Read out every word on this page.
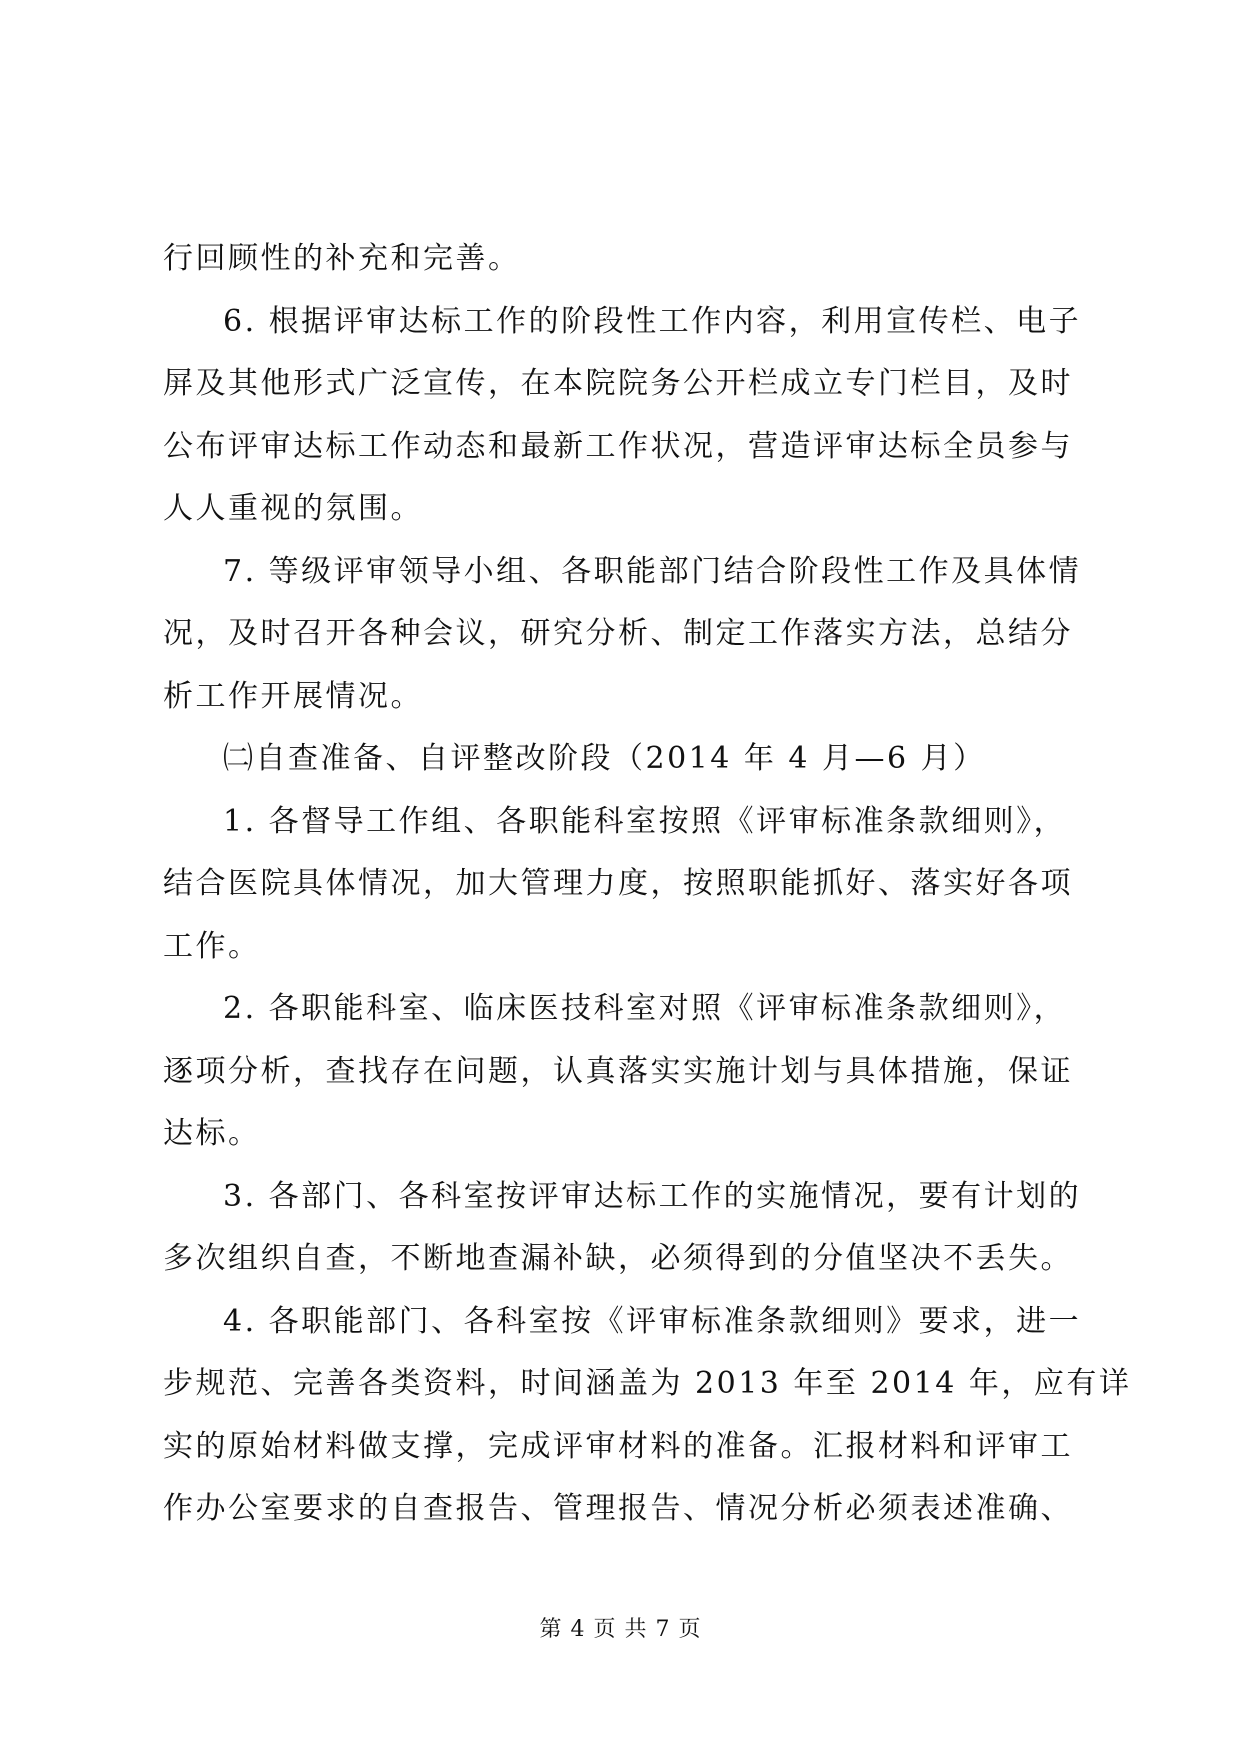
行回顾性的补充和完善。

6. 根据评审达标工作的阶段性工作内容，利用宣传栏、电子
屏及其他形式广泛宣传，在本院院务公开栏成立专门栏目，及时
公布评审达标工作动态和最新工作状况，营造评审达标全员参与
人人重视的氛围。

7. 等级评审领导小组、各职能部门结合阶段性工作及具体情
况，及时召开各种会议，研究分析、制定工作落实方法，总结分
析工作开展情况。

㈡自查准备、自评整改阶段（2014 年 4 月—6 月）

1. 各督导工作组、各职能科室按照《评审标准条款细则》，
结合医院具体情况，加大管理力度，按照职能抓好、落实好各项
工作。

2. 各职能科室、临床医技科室对照《评审标准条款细则》，
逐项分析，查找存在问题，认真落实实施计划与具体措施，保证
达标。

3. 各部门、各科室按评审达标工作的实施情况，要有计划的
多次组织自查，不断地查漏补缺，必须得到的分值坚决不丢失。

4. 各职能部门、各科室按《评审标准条款细则》要求，进一
步规范、完善各类资料，时间涵盖为 2013 年至 2014 年，应有详
实的原始材料做支撑，完成评审材料的准备。汇报材料和评审工
作办公室要求的自查报告、管理报告、情况分析必须表述准确、

第 4 页 共 7 页
